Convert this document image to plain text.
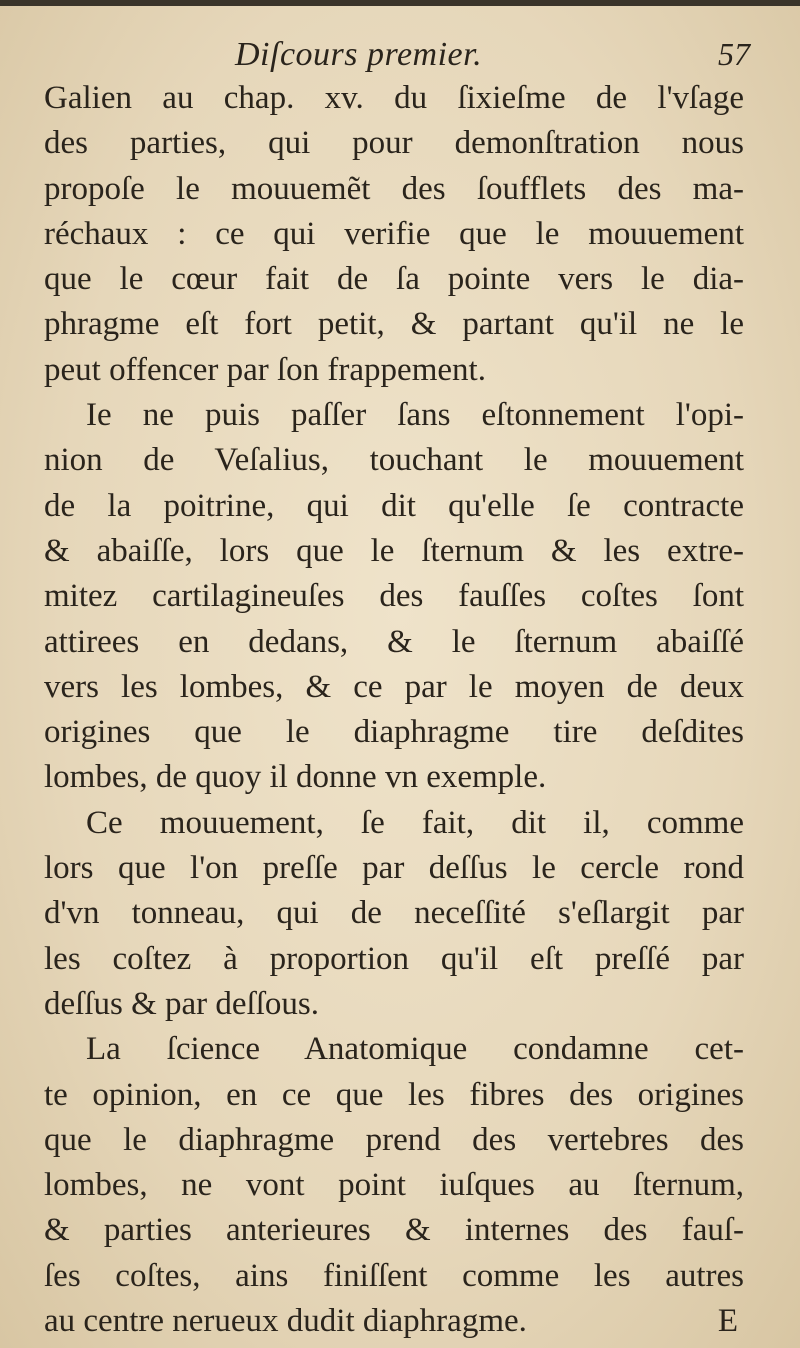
Diſcours premier.	57
Galien au chap. xv. du ſixieſme de l'vſage
des parties, qui pour demonſtration nous
propoſe le mouuemẽt des ſoufflets des ma-
réchaux : ce qui verifie que le mouuement
que le cœur fait de ſa pointe vers le dia-
phragme eſt fort petit, & partant qu'il ne le
peut offencer par ſon frappement.
Ie ne puis paſſer ſans eſtonnement l'opi-
nion de Veſalius, touchant le mouuement
de la poitrine, qui dit qu'elle ſe contracte
& abaiſſe, lors que le ſternum & les extre-
mitez cartilagineuſes des fauſſes coſtes ſont
attirees en dedans, & le ſternum abaiſſé
vers les lombes, & ce par le moyen de deux
origines que le diaphragme tire deſdites
lombes, de quoy il donne vn exemple.
Ce mouuement, ſe fait, dit il, comme
lors que l'on preſſe par deſſus le cercle rond
d'vn tonneau, qui de neceſſité s'eſlargit par
les coſtez à proportion qu'il eſt preſſé par
deſſus & par deſſous.
La ſcience Anatomique condamne cet-
te opinion, en ce que les fibres des origines
que le diaphragme prend des vertebres des
lombes, ne vont point iuſques au ſternum,
& parties anterieures & internes des fauſ-
ſes coſtes, ains finiſſent comme les autres
au centre nerueux dudit diaphragme.	E
